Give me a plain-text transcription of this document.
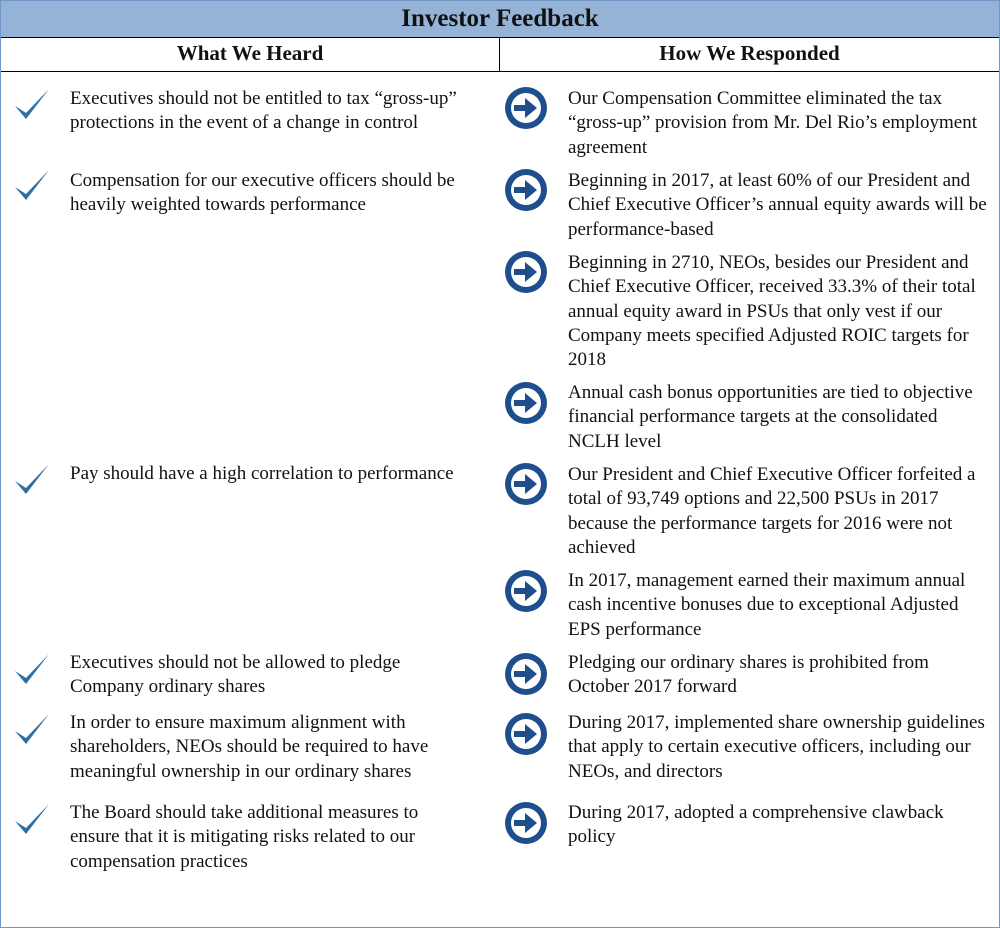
Investor Feedback
What We Heard	How We Responded
Executives should not be entitled to tax “gross-up” protections in the event of a change in control
Compensation for our executive officers should be heavily weighted towards performance
Pay should have a high correlation to performance
Executives should not be allowed to pledge Company ordinary shares
In order to ensure maximum alignment with shareholders, NEOs should be required to have meaningful ownership in our ordinary shares
The Board should take additional measures to ensure that it is mitigating risks related to our compensation practices
Our Compensation Committee eliminated the tax “gross-up” provision from Mr. Del Rio’s employment agreement
Beginning in 2017, at least 60% of our President and Chief Executive Officer’s annual equity awards will be performance-based
Beginning in 2710, NEOs, besides our President and Chief Executive Officer, received 33.3% of their total annual equity award in PSUs that only vest if our Company meets specified Adjusted ROIC targets for 2018
Annual cash bonus opportunities are tied to objective financial performance targets at the consolidated NCLH level
Our President and Chief Executive Officer forfeited a total of 93,749 options and 22,500 PSUs in 2017 because the performance targets for 2016 were not achieved
In 2017, management earned their maximum annual cash incentive bonuses due to exceptional Adjusted EPS performance
Pledging our ordinary shares is prohibited from October 2017 forward
During 2017, implemented share ownership guidelines that apply to certain executive officers, including our NEOs, and directors
During 2017, adopted a comprehensive clawback policy
